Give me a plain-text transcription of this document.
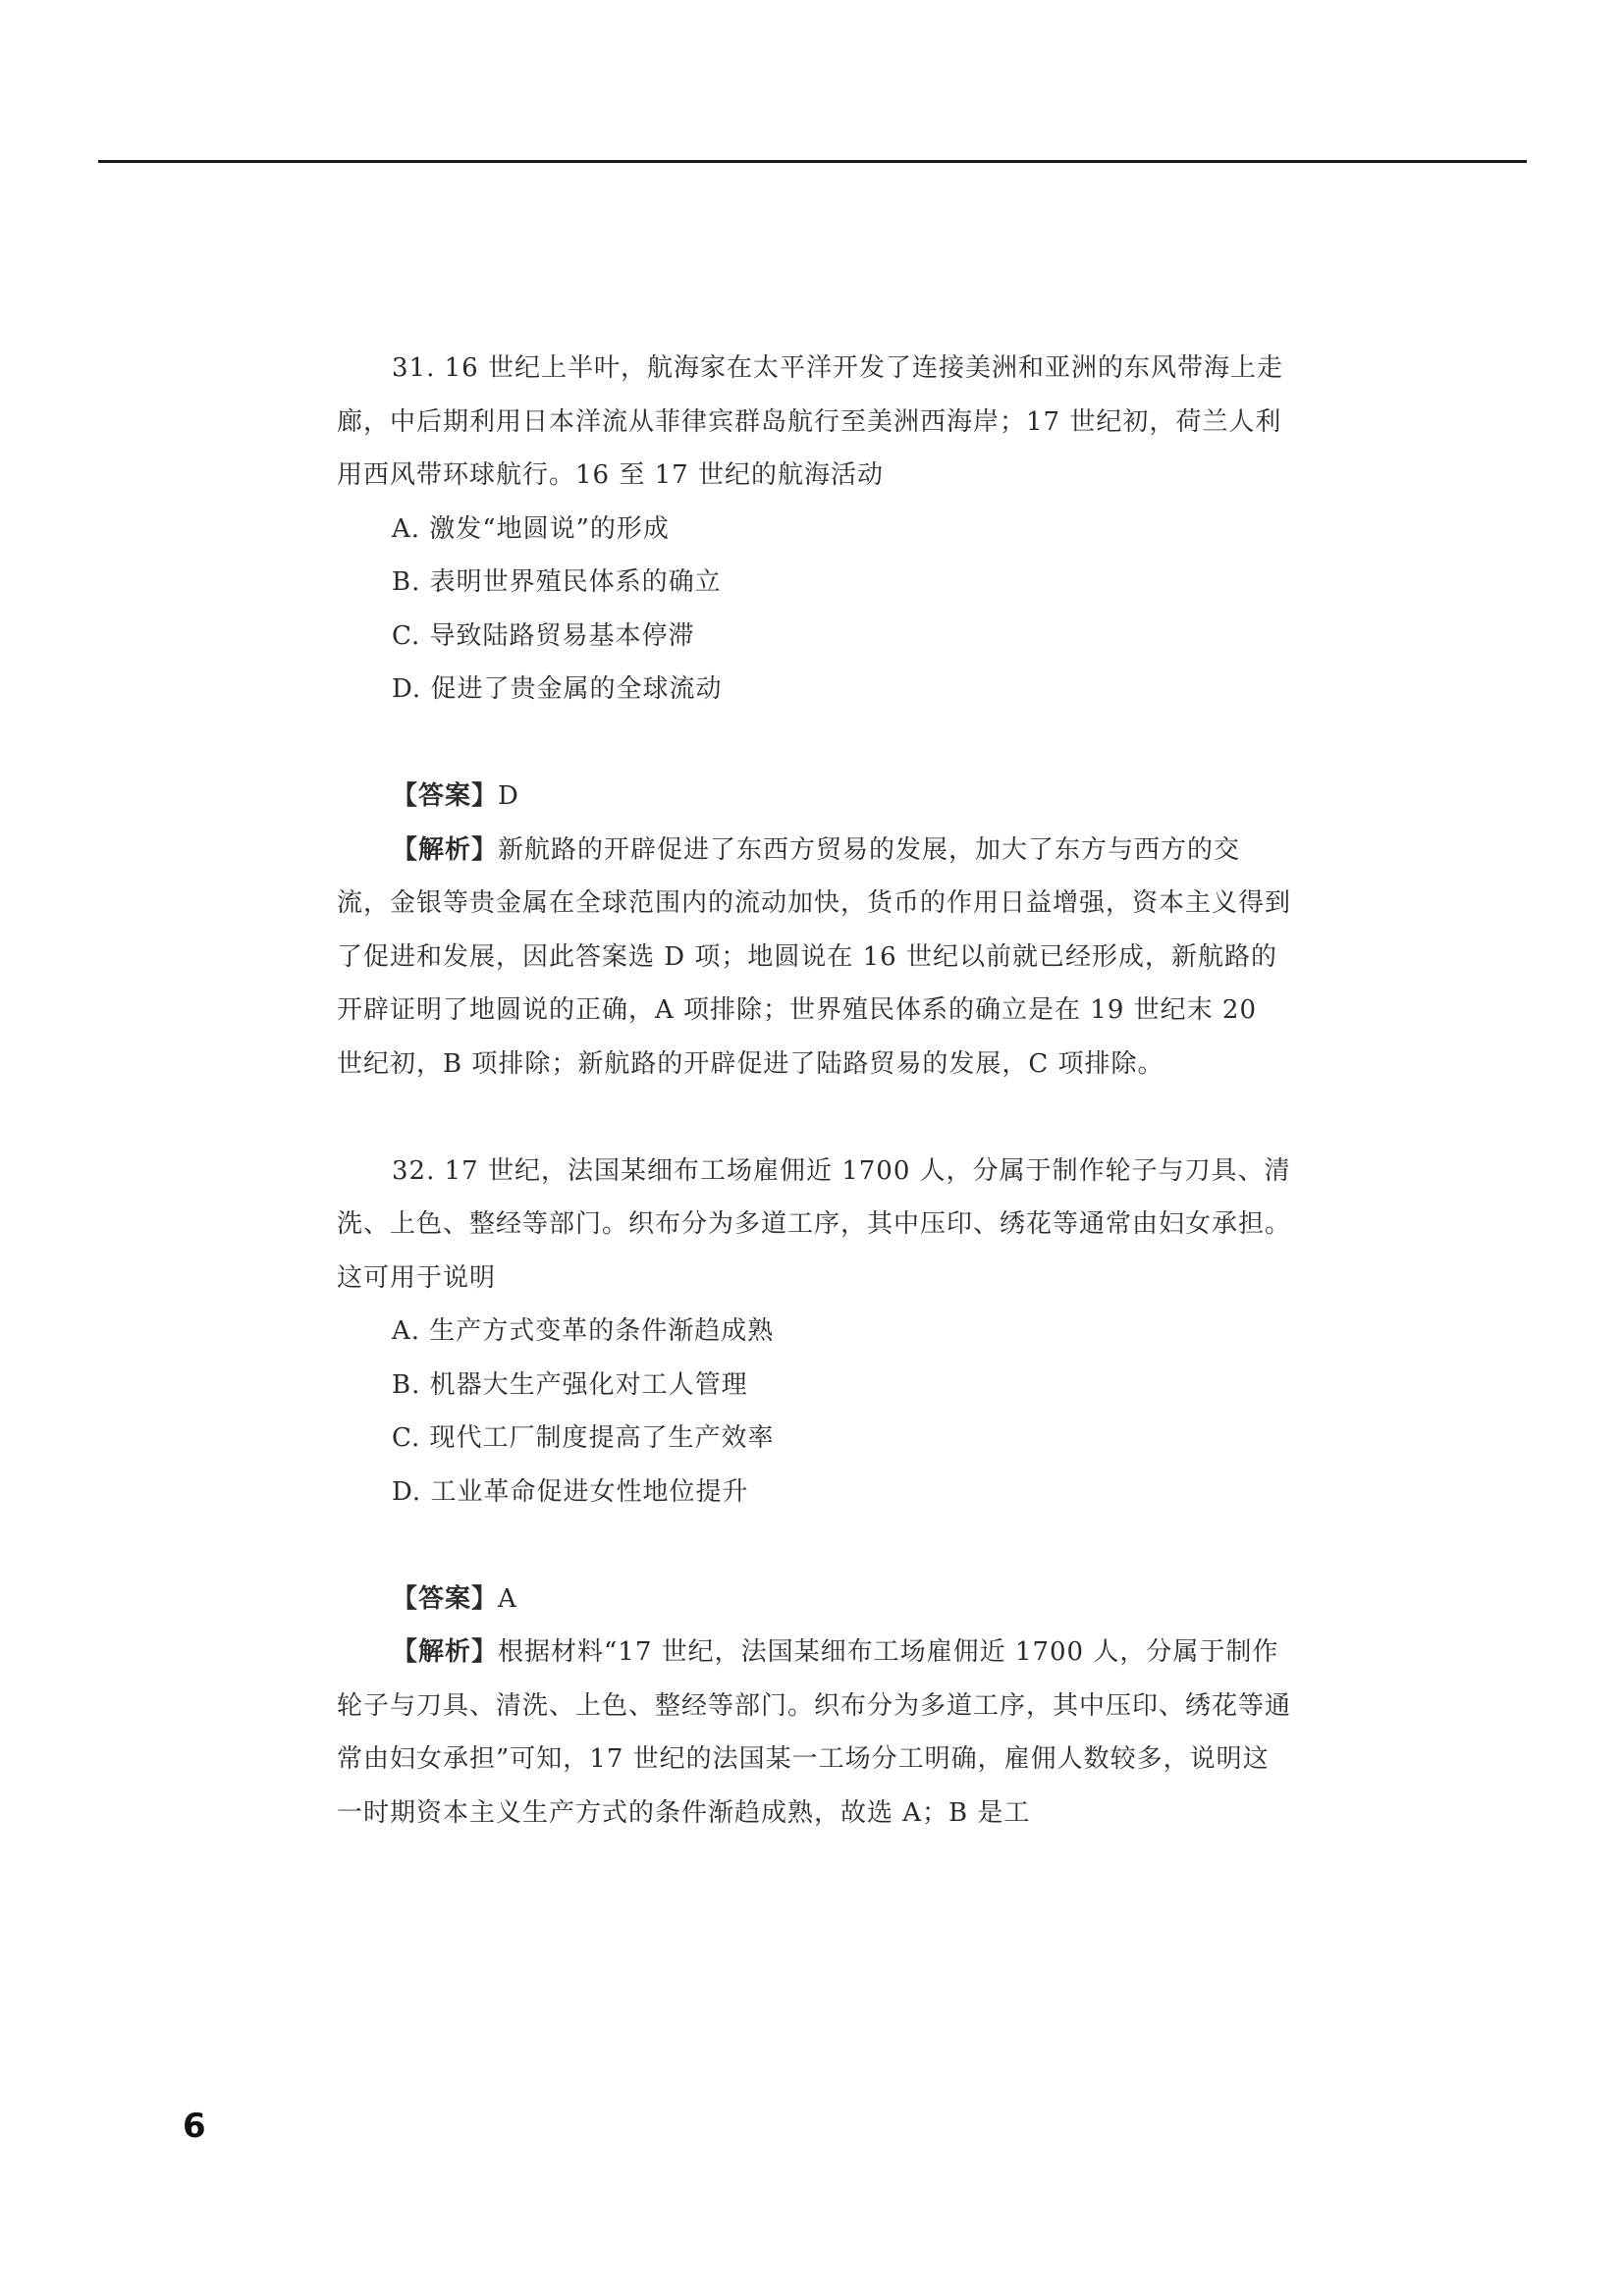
31. 16 世纪上半叶，航海家在太平洋开发了连接美洲和亚洲的东风带海上走廊，中后期利用日本洋流从菲律宾群岛航行至美洲西海岸；17 世纪初，荷兰人利用西风带环球航行。16 至 17 世纪的航海活动

A. 激发“地圆说”的形成

B. 表明世界殖民体系的确立

C. 导致陆路贸易基本停滞

D. 促进了贵金属的全球流动

【答案】D

【解析】新航路的开辟促进了东西方贸易的发展，加大了东方与西方的交流，金银等贵金属在全球范围内的流动加快，货币的作用日益增强，资本主义得到了促进和发展，因此答案选 D 项；地圆说在 16 世纪以前就已经形成，新航路的开辟证明了地圆说的正确，A 项排除；世界殖民体系的确立是在 19 世纪末 20 世纪初，B 项排除；新航路的开辟促进了陆路贸易的发展，C 项排除。

32. 17 世纪，法国某细布工场雇佣近 1700 人，分属于制作轮子与刀具、清洗、上色、整经等部门。织布分为多道工序，其中压印、绣花等通常由妇女承担。这可用于说明

A. 生产方式变革的条件渐趋成熟

B. 机器大生产强化对工人管理

C. 现代工厂制度提高了生产效率

D. 工业革命促进女性地位提升

【答案】A

【解析】根据材料“17 世纪，法国某细布工场雇佣近 1700 人，分属于制作轮子与刀具、清洗、上色、整经等部门。织布分为多道工序，其中压印、绣花等通常由妇女承担”可知，17 世纪的法国某一工场分工明确，雇佣人数较多，说明这一时期资本主义生产方式的条件渐趋成熟，故选 A；B 是工

6
